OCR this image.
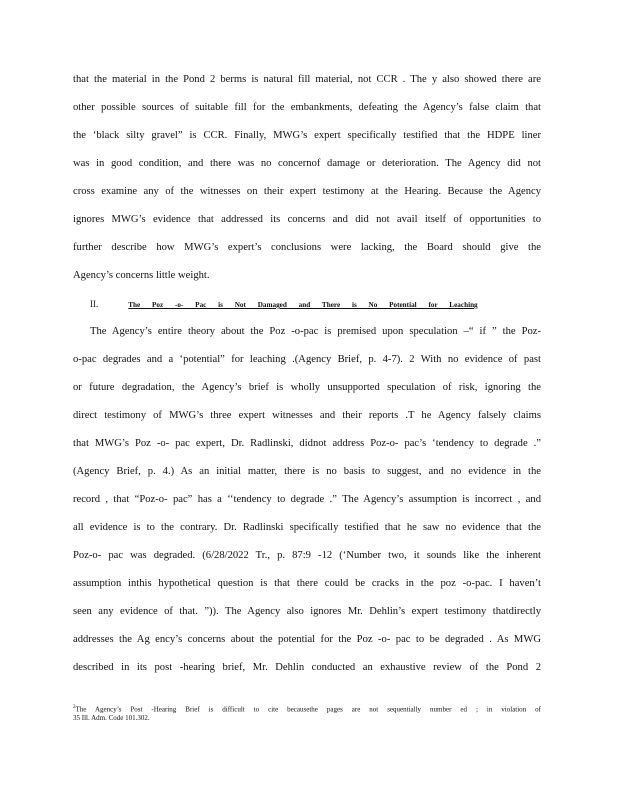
that the material in the Pond 2 berms is natural fill material, not CCR . The y also showed there are
other possible sources of suitable fill for the embankments, defeating the Agency’s false claim that
the ‘black silty gravel” is CCR. Finally, MWG’s expert specifically testified that the HDPE liner
was in good condition, and there was no concernof damage or deterioration. The Agency did not
cross examine any of the witnesses on their expert testimony at the Hearing. Because the Agency
ignores MWG’s evidence that addressed its concerns and did not avail itself of opportunities to
further describe how MWG’s expert’s conclusions were lacking, the Board should give the
Agency’s concerns little weight.
II.	The Poz -o- Pac is Not Damaged and There is No Potential for Leaching
The Agency’s entire theory about the Poz -o-pac is premised upon speculation –“ if ” the Poz-
o-pac degrades and a ‘potential” for leaching .(Agency Brief, p. 4-7). 2 With no evidence of past
or future degradation, the Agency’s brief is wholly unsupported speculation of risk, ignoring the
direct testimony of MWG’s three expert witnesses and their reports .T he Agency falsely claims
that MWG’s Poz -o- pac expert, Dr. Radlinski, didnot address Poz-o- pac’s ‘tendency to degrade .”
(Agency Brief, p. 4.) As an initial matter, there is no basis to suggest, and no evidence in the
record , that “Poz-o- pac” has a ‘‘tendency to degrade .” The Agency’s assumption is incorrect , and
all evidence is to the contrary. Dr. Radlinski specifically testified that he saw no evidence that the
Poz-o- pac was degraded. (6/28/2022 Tr., p. 87:9 -12 (‘Number two, it sounds like the inherent
assumption inthis hypothetical question is that there could be cracks in the poz -o-pac. I haven’t
seen any evidence of that. ”)). The Agency also ignores Mr. Dehlin’s expert testimony thatdirectly
addresses the Ag ency’s concerns about the potential for the Poz -o- pac to be degraded . As MWG
described in its post -hearing brief, Mr. Dehlin conducted an exhaustive review of the Pond 2
$^2$The Agency’s Post -Hearing Brief is difficult to cite becausethe pages are not sequentially number ed ; in violation of
35 Ill. Adm. Code 101.302.
